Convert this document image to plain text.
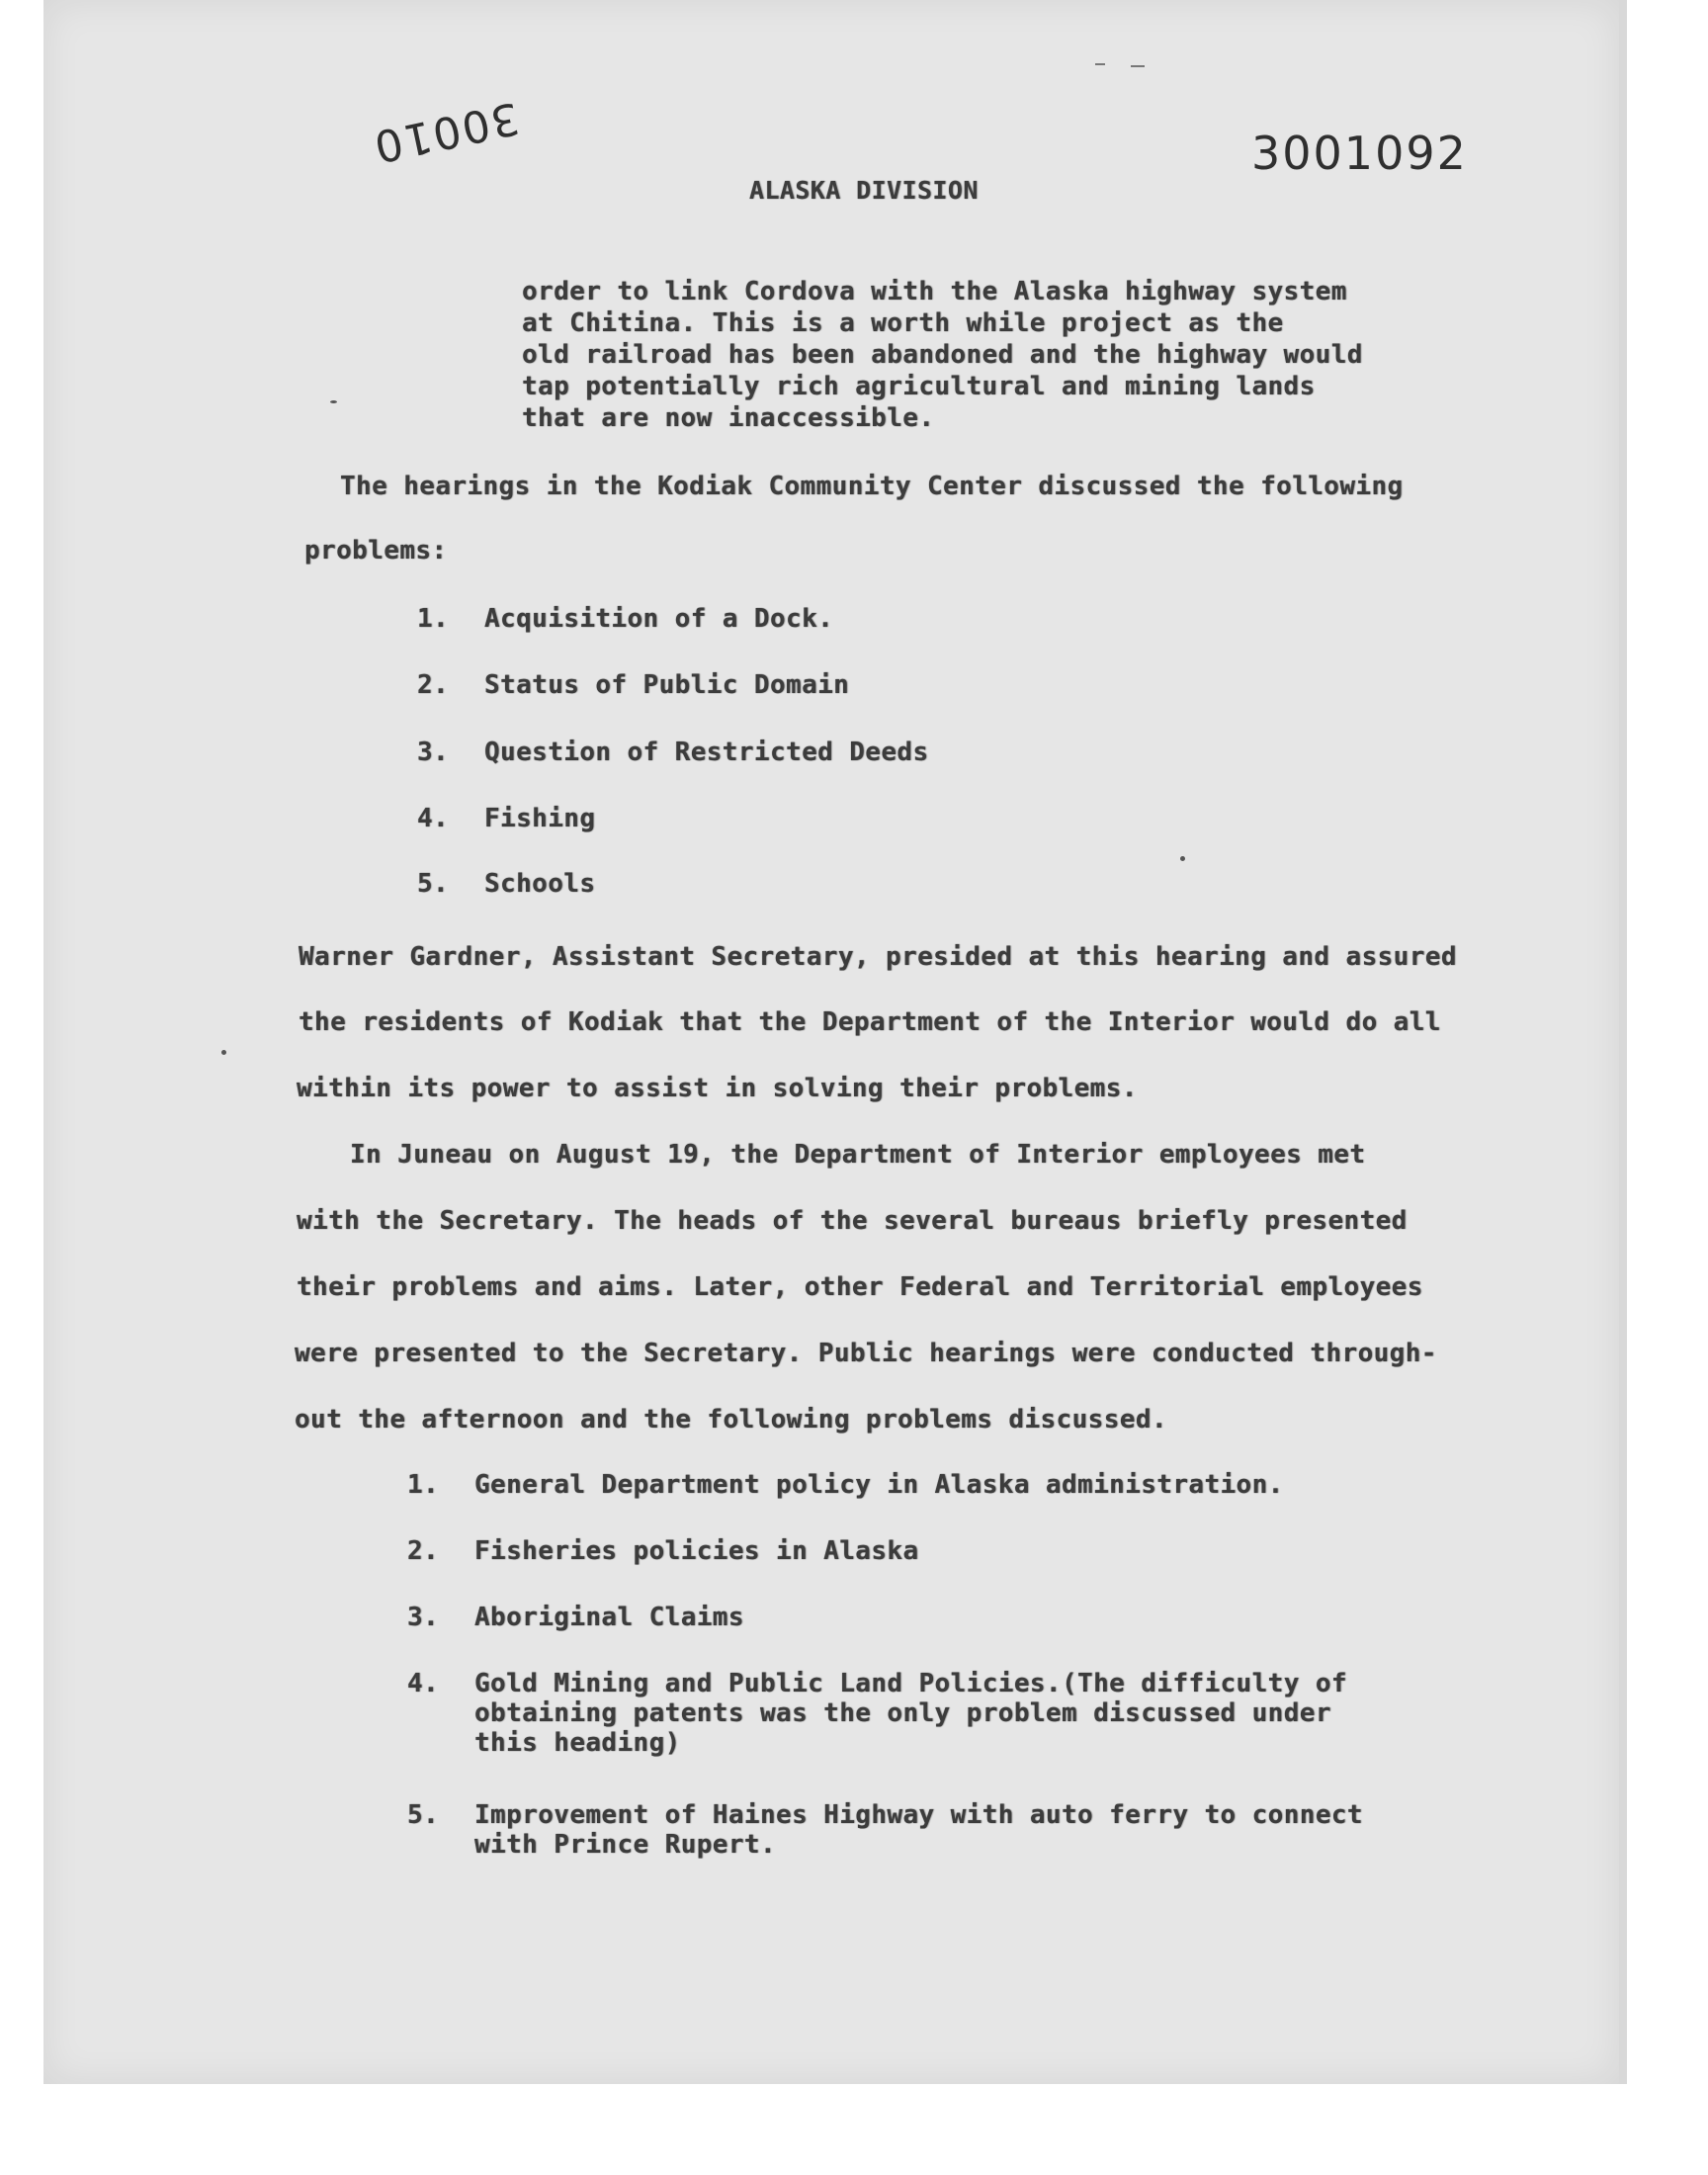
30010	3001092
ALASKA DIVISION
order to link Cordova with the Alaska highway system
at Chitina. This is a worth while project as the
old railroad has been abandoned and the highway would
tap potentially rich agricultural and mining lands
that are now inaccessible.
The hearings in the Kodiak Community Center discussed the following
problems:
1. Acquisition of a Dock.
2. Status of Public Domain
3. Question of Restricted Deeds
4. Fishing
5. Schools
Warner Gardner, Assistant Secretary, presided at this hearing and assured
the residents of Kodiak that the Department of the Interior would do all
within its power to assist in solving their problems.
In Juneau on August 19, the Department of Interior employees met
with the Secretary. The heads of the several bureaus briefly presented
their problems and aims. Later, other Federal and Territorial employees
were presented to the Secretary. Public hearings were conducted through-
out the afternoon and the following problems discussed.
1. General Department policy in Alaska administration.
2. Fisheries policies in Alaska
3. Aboriginal Claims
4. Gold Mining and Public Land Policies.(The difficulty of
obtaining patents was the only problem discussed under
this heading)
5. Improvement of Haines Highway with auto ferry to connect
with Prince Rupert.
